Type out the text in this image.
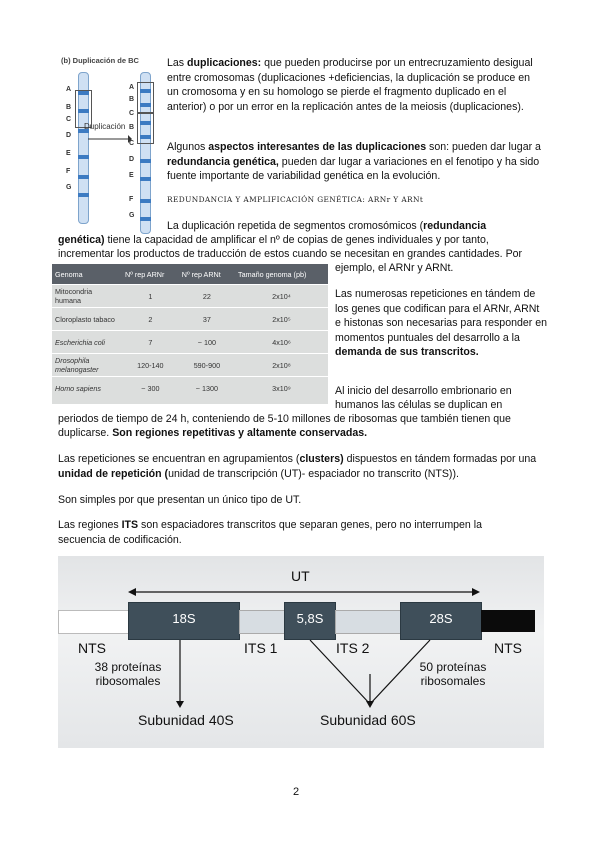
(b) Duplicación de BC
A
B
C
D
E
F
G
Duplicación
A
B
C
B
C
D
E
F
G
Las duplicaciones: que pueden producirse por un entrecruzamiento desigual entre cromosomas (duplicaciones +deficiencias, la duplicación se produce en un cromosoma y en su homologo se pierde el fragmento duplicado en el anterior) o por un error en la replicación antes de la meiosis (duplicaciones).
Algunos aspectos interesantes de las duplicaciones son: pueden dar lugar a redundancia genética, pueden dar lugar a variaciones en el fenotipo y ha sido fuente importante de variabilidad genética en la evolución.
REDUNDANCIA Y AMPLIFICACIÓN GENÉTICA: ARNr Y ARNt
La duplicación repetida de segmentos cromosómicos (redundancia
genética) tiene la capacidad de amplificar el nº de copias de genes individuales y por tanto,
incrementar los productos de traducción de estos cuando se necesitan en grandes cantidades. Por
ejemplo, el ARNr y ARNt.
Genoma	Nº rep ARNr	Nº rep ARNt	Tamaño genoma (pb)
Mitocondria humana	1	22	2x10⁴
Cloroplasto tabaco	2	37	2x10⁵
Escherichia coli	7	~ 100	4x10⁶
Drosophila melanogaster	120-140	590-900	2x10⁸
Homo sapiens	~ 300	~ 1300	3x10⁹
Las numerosas repeticiones en tándem de los genes que codifican para el ARNr, ARNt e histonas son necesarias para responder en momentos puntuales del desarrollo a la demanda de sus transcritos.
Al inicio del desarrollo embrionario en
humanos las células se duplican en
periodos de tiempo de 24 h, conteniendo de 5-10 millones de ribosomas que también tienen que
duplicarse. Son regiones repetitivas y altamente conservadas.
Las repeticiones se encuentran en agrupamientos (clusters) dispuestos en tándem formadas por una unidad de repetición (unidad de transcripción (UT)- espaciador no transcrito (NTS)).
Son simples por que presentan un único tipo de UT.
Las regiones ITS son espaciadores transcritos que separan genes, pero no interrumpen la secuencia de codificación.
UT
18S	5,8S	28S
NTS	ITS 1	ITS 2	NTS
38 proteínas
ribosomales
50 proteínas
ribosomales
Subunidad 40S	Subunidad 60S
2
